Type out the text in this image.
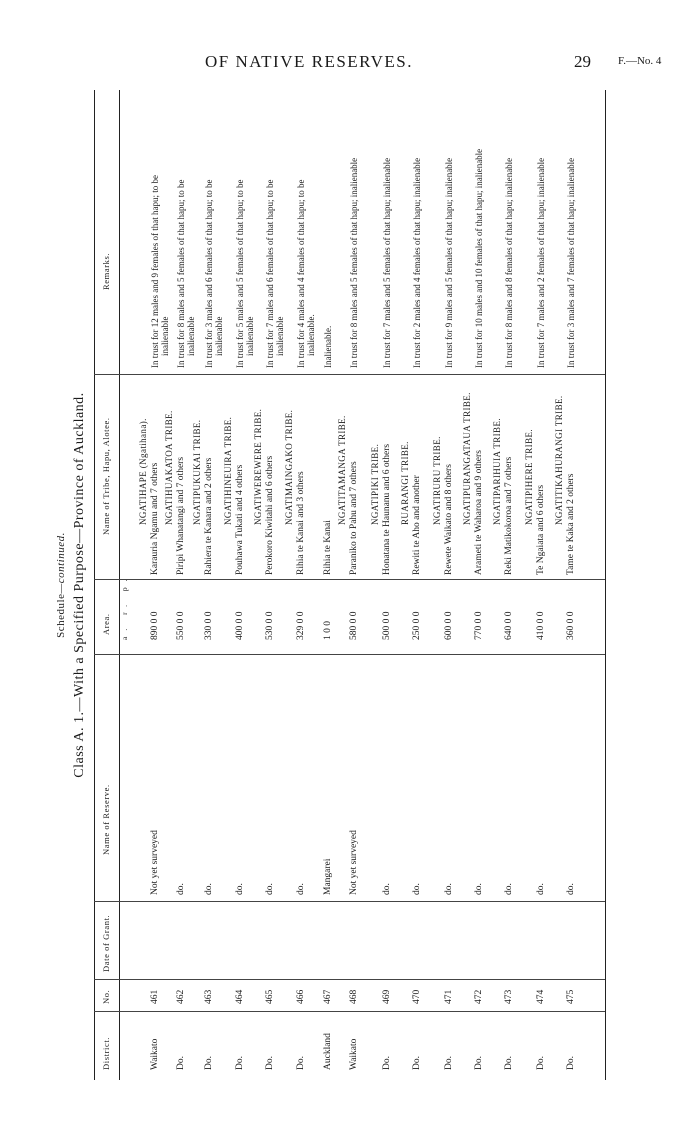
OF NATIVE RESERVES.	29 F.—No. 4
Schedule—continued. Class A. 1.—With a Specified Purpose—Province of Auckland.
District.
No.
Date of Grant.
Name of Reserve.
Area.
Name of Tribe, Hapu, Alotee.
Remarks.
a. r. p.
Waikato
461
Not yet surveyed
890 0 0
NGATIHAPE (Ngatihana). Karauria Ngamu and 7 others
In trust for 12 males and 9 females of that hapu; to be inalienable
Do.
462
do.
550 0 0
NGATIHUAKATOA TRIBE. Piripi Whanatangi and 7 others
In trust for 8 males and 5 females of that hapu; to be inalienable
Do.
463
do.
330 0 0
NGATIPUKUKAI TRIBE. Rahiera te Kanara and 2 others
In trust for 3 males and 6 females of that hapu; to be inalienable
Do.
464
do.
400 0 0
NGATIHINEUIRA TRIBE. Pouhawa Tukati and 4 others
In trust for 5 males and 5 females of that hapu; to be inalienable
Do.
465
do.
530 0 0
NGATIWEREWERE TRIBE. Perokoro Kiwitahi and 6 others
In trust for 7 males and 6 females of that hapu; to be inalienable
Do.
466
do.
329 0 0
NGATIMAINGAKO TRIBE. Rihia te Kanai and 3 others
In trust for 4 males and 4 females of that hapu; to be inalienable.
Auckland
467
Mangarei
1 0 0
Rihia te Kanai
Inalienable.
Waikato
468
Not yet surveyed
580 0 0
NGATITAMANGA TRIBE. Paraniko to Pahu and 7 others
In trust for 8 males and 5 females of that hapu; inalienable
Do.
469
do.
500 0 0
NGATIPIKI TRIBE. Honatana te Haunanu and 6 others
In trust for 7 males and 5 females of that hapu; inalienable
Do.
470
do.
250 0 0
RUARANGI TRIBE. Rewiti te Aho and another
In trust for 2 males and 4 females of that hapu; inalienable
Do.
471
do.
600 0 0
NGATIRURU TRIBE. Rewete Waikato and 8 others
In trust for 9 males and 5 females of that hapu; inalienable
Do.
472
do.
770 0 0
NGATIPURANGATAUA TRIBE. Arameti te Waharoa and 9 others
In trust for 10 males and 10 females of that hapu; inalienable
Do.
473
do.
640 0 0
NGATIPARIHUIA TRIBE. Reki Matikokoroa and 7 others
In trust for 8 males and 8 females of that hapu; inalienable
Do.
474
do.
410 0 0
NGATIPIHERE TRIBE.
Te Ngaiata and 6 others
In trust for 7 males and 2 females of that hapu; inalienable
Do.
475
do.
360 0 0
NGATITIKAHURANGI TRIBE. Tame te Kaka and 2 others
In trust for 3 males and 7 females of that hapu; inalienable
